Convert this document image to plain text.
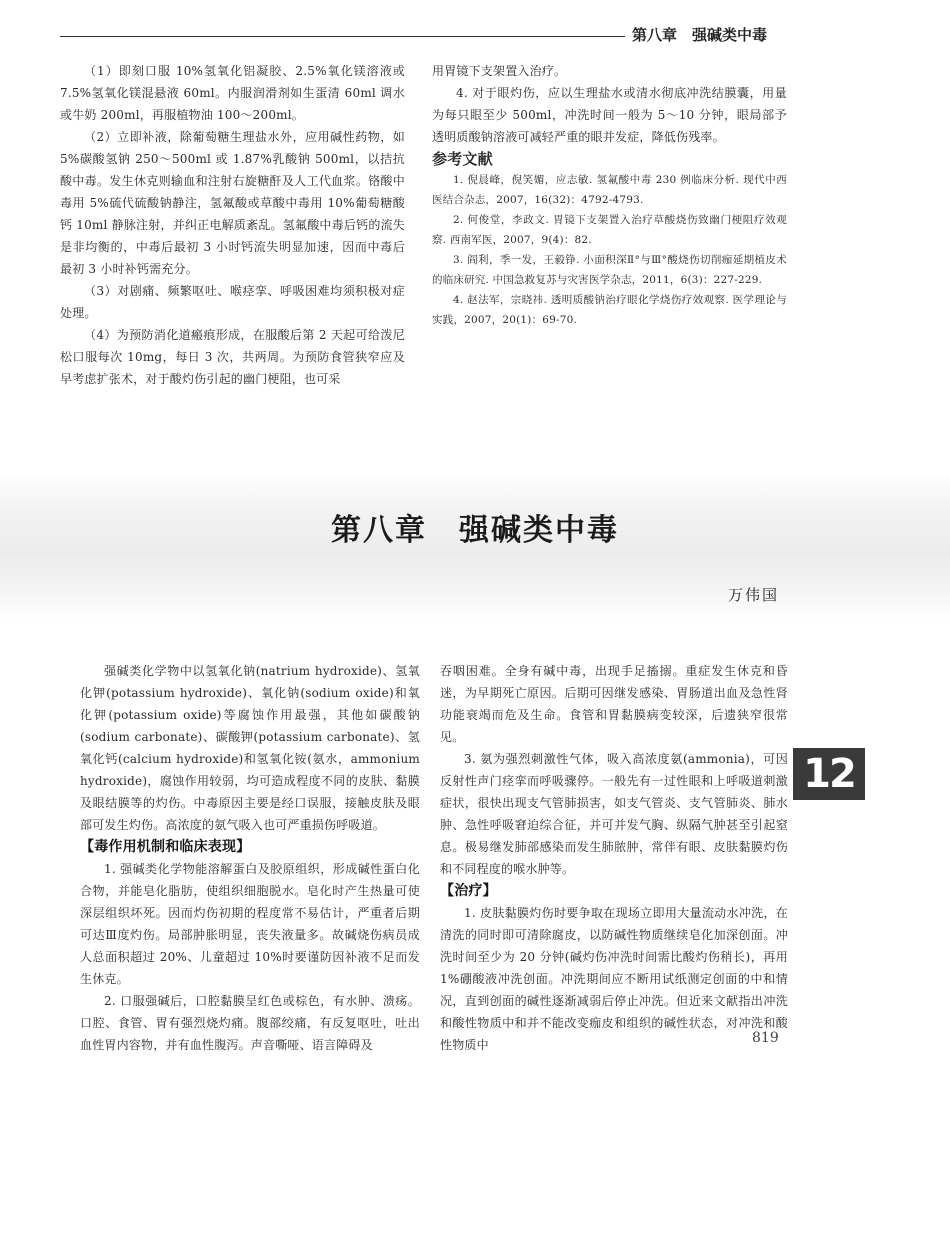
第八章　强碱类中毒

（1）即刻口服 10%氢氧化铝凝胶、2.5%氧化镁溶液或 7.5%氢氧化镁混悬液 60ml。内服润滑剂如生蛋清 60ml 调水或牛奶 200ml，再服植物油 100～200ml。

（2）立即补液，除葡萄糖生理盐水外，应用碱性药物，如 5%碳酸氢钠 250～500ml 或 1.87%乳酸钠 500ml，以拮抗酸中毒。发生休克则输血和注射右旋糖酐及人工代血浆。铬酸中毒用 5%硫代硫酸钠静注，氢氟酸或草酸中毒用 10%葡萄糖酸钙 10ml 静脉注射，并纠正电解质紊乱。氢氟酸中毒后钙的流失是非均衡的，中毒后最初 3 小时钙流失明显加速，因而中毒后最初 3 小时补钙需充分。

（3）对剧痛、频繁呕吐、喉痉挛、呼吸困难均须积极对症处理。

（4）为预防消化道瘢痕形成，在服酸后第 2 天起可给泼尼松口服每次 10mg，每日 3 次，共两周。为预防食管狭窄应及早考虑扩张术，对于酸灼伤引起的幽门梗阻，也可采

用胃镜下支架置入治疗。

4. 对于眼灼伤，应以生理盐水或清水彻底冲洗结膜囊，用量为每只眼至少 500ml，冲洗时间一般为 5～10 分钟，眼局部予透明质酸钠溶液可减轻严重的眼并发症，降低伤残率。

参考文献

1. 倪晨峰，倪笑媚，应志敏. 氢氟酸中毒 230 例临床分析. 现代中西医结合杂志，2007，16(32)：4792-4793.

2. 何俊堂，李政文. 胃镜下支架置入治疗草酸烧伤致幽门梗阻疗效观察. 西南军医，2007，9(4)：82.

3. 阎利，季一发，王毅铮. 小面积深Ⅱ°与Ⅲ°酸烧伤切削痂延期植皮术的临床研究. 中国急救复苏与灾害医学杂志，2011，6(3)：227-229.

4. 赵法军，宗晓祎. 透明质酸钠治疗眼化学烧伤疗效观察. 医学理论与实践，2007，20(1)：69-70.

第八章　强碱类中毒
万伟国

强碱类化学物中以氢氧化钠(natrium hydroxide)、氢氧化钾(potassium hydroxide)、氧化钠(sodium oxide)和氧化钾(potassium oxide)等腐蚀作用最强，其他如碳酸钠(sodium carbonate)、碳酸钾(potassium carbonate)、氢氧化钙(calcium hydroxide)和氢氧化铵(氨水，ammonium hydroxide)，腐蚀作用较弱，均可造成程度不同的皮肤、黏膜及眼结膜等的灼伤。中毒原因主要是经口误服，接触皮肤及眼部可发生灼伤。高浓度的氨气吸入也可严重损伤呼吸道。

【毒作用机制和临床表现】

1. 强碱类化学物能溶解蛋白及胶原组织，形成碱性蛋白化合物，并能皂化脂肪，使组织细胞脱水。皂化时产生热量可使深层组织坏死。因而灼伤初期的程度常不易估计，严重者后期可达Ⅲ度灼伤。局部肿胀明显，丧失液量多。故碱烧伤病员成人总面积超过 20%、儿童超过 10%时要谨防因补液不足而发生休克。

2. 口服强碱后，口腔黏膜呈红色或棕色，有水肿、溃疡。口腔、食管、胃有强烈烧灼痛。腹部绞痛，有反复呕吐，吐出血性胃内容物，并有血性腹泻。声音嘶哑、语言障碍及

吞咽困难。全身有碱中毒，出现手足搐搦。重症发生休克和昏迷，为早期死亡原因。后期可因继发感染、胃肠道出血及急性肾功能衰竭而危及生命。食管和胃黏膜病变较深，后遗狭窄很常见。

3. 氨为强烈刺激性气体，吸入高浓度氨(ammonia)，可因反射性声门痉挛而呼吸骤停。一般先有一过性眼和上呼吸道刺激症状，很快出现支气管肺损害，如支气管炎、支气管肺炎、肺水肿、急性呼吸窘迫综合征，并可并发气胸、纵隔气肿甚至引起窒息。极易继发肺部感染而发生肺脓肿，常伴有眼、皮肤黏膜灼伤和不同程度的喉水肿等。

【治疗】

1. 皮肤黏膜灼伤时要争取在现场立即用大量流动水冲洗，在清洗的同时即可清除腐皮，以防碱性物质继续皂化加深创面。冲洗时间至少为 20 分钟(碱灼伤冲洗时间需比酸灼伤稍长)，再用 1%硼酸液冲洗创面。冲洗期间应不断用试纸测定创面的中和情况，直到创面的碱性逐渐减弱后停止冲洗。但近来文献指出冲洗和酸性物质中和并不能改变痂皮和组织的碱性状态，对冲洗和酸性物质中

12
819
